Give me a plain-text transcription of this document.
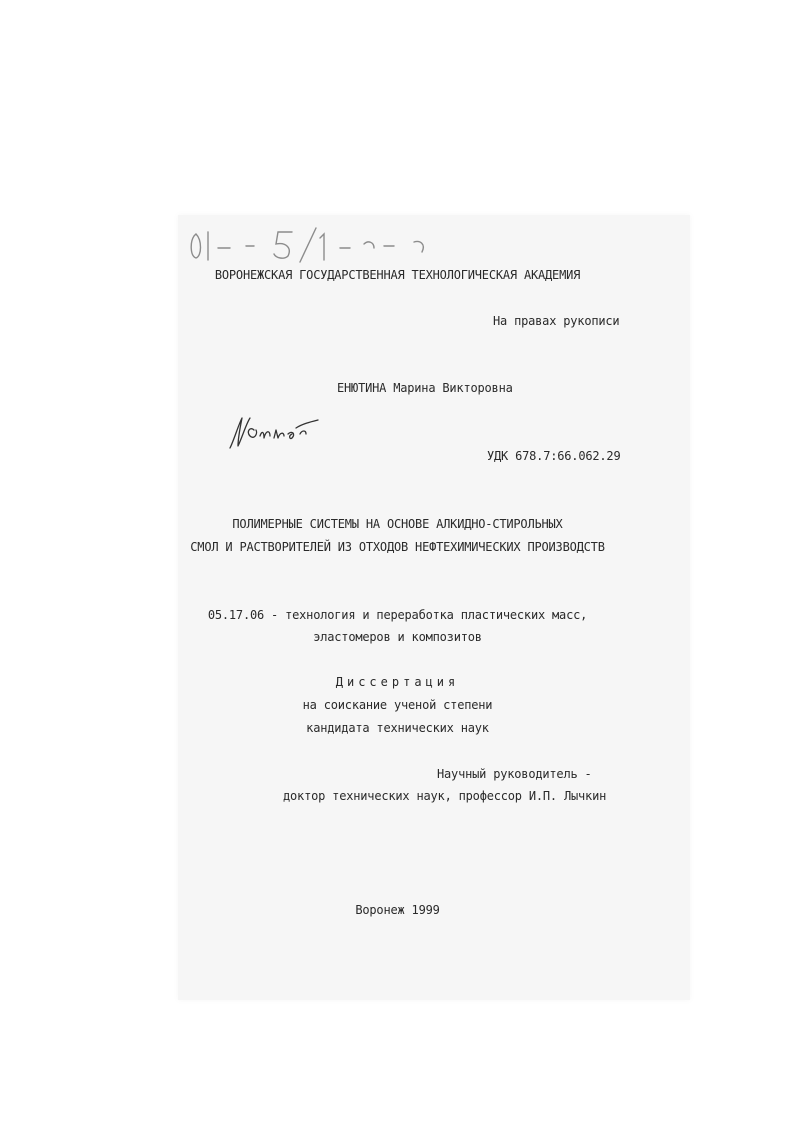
01-5/1
ВОРОНЕЖСКАЯ ГОСУДАРСТВЕННАЯ ТЕХНОЛОГИЧЕСКАЯ АКАДЕМИЯ
На правах рукописи
ЕНЮТИНА Марина Викторовна
УДК 678.7:66.062.29
ПОЛИМЕРНЫЕ СИСТЕМЫ НА ОСНОВЕ АЛКИДНО-СТИРОЛЬНЫХ
СМОЛ И РАСТВОРИТЕЛЕЙ ИЗ ОТХОДОВ НЕФТЕХИМИЧЕСКИХ ПРОИЗВОДСТВ
05.17.06 - технология и переработка пластических масс,
эластомеров и композитов
Диссертация
на соискание ученой степени
кандидата технических наук
Научный руководитель -
доктор технических наук, профессор И.П. Лычкин
Воронеж 1999
